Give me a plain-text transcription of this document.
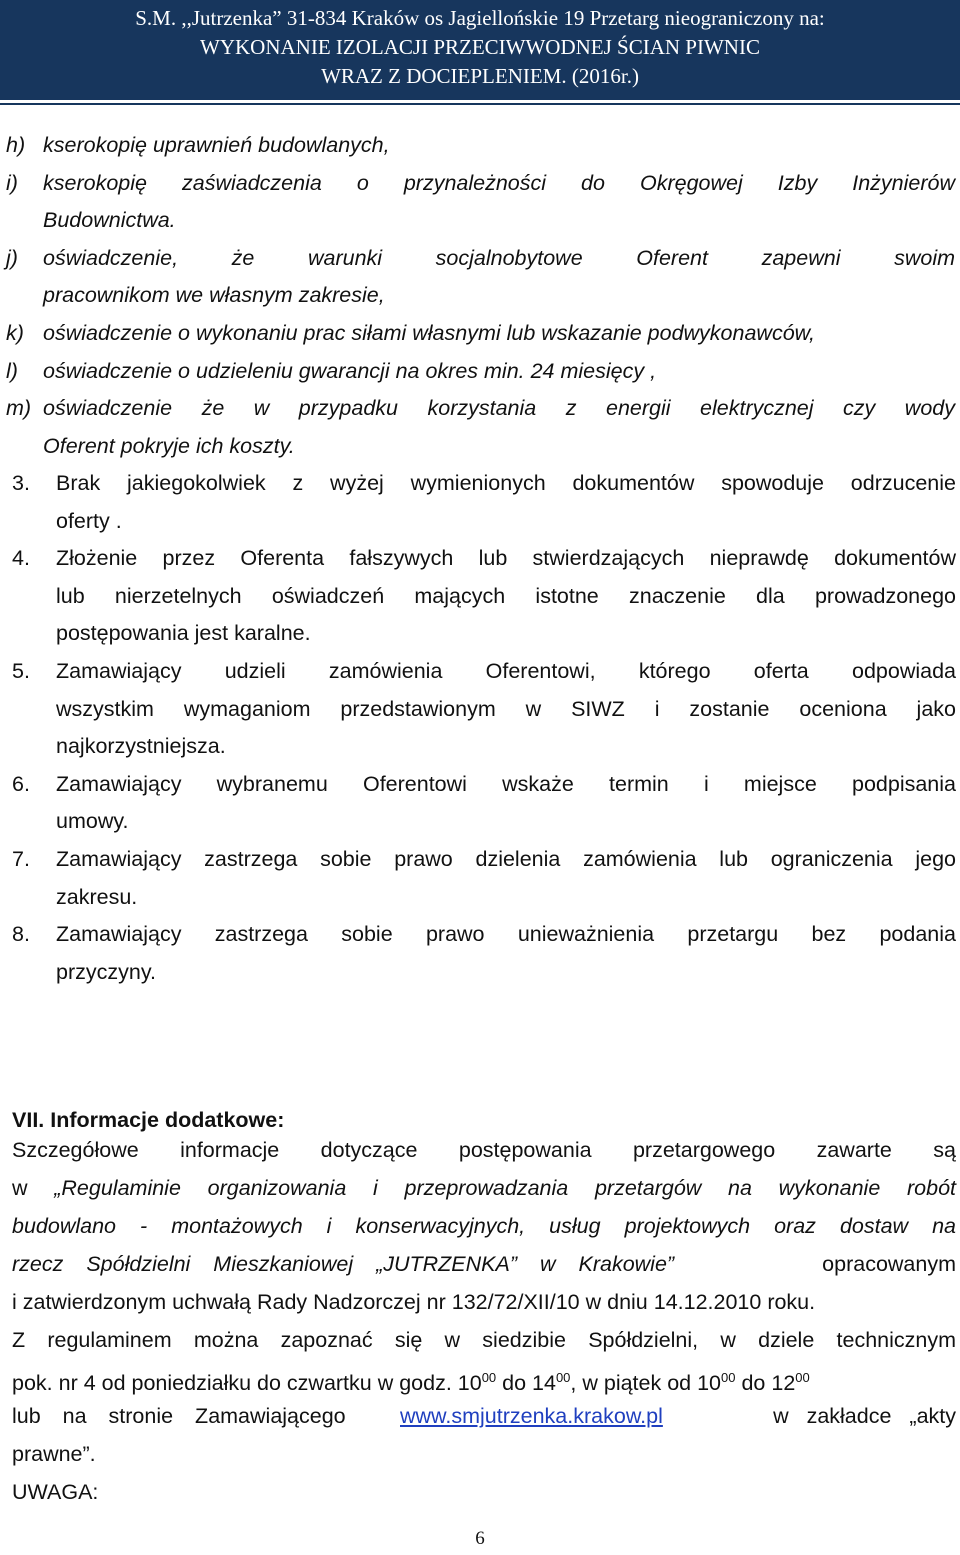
S.M. ,,Jutrzenka” 31-834 Kraków os Jagiellońskie 19 Przetarg nieograniczony na:
WYKONANIE IZOLACJI PRZECIWWODNEJ ŚCIAN PIWNIC
WRAZ Z DOCIEPLENIEM. (2016r.)
h) kserokopię uprawnień budowlanych,
i) kserokopię zaświadczenia o przynależności do Okręgowej Izby Inżynierów
Budownictwa.
j) oświadczenie, że warunki socjalnobytowe Oferent zapewni swoim
pracownikom we własnym zakresie,
k) oświadczenie o wykonaniu prac siłami własnymi lub wskazanie podwykonawców,
l) oświadczenie o udzieleniu gwarancji na okres min. 24 miesięcy ,
m) oświadczenie że w przypadku korzystania z energii elektrycznej czy wody
Oferent pokryje ich koszty.
3. Brak jakiegokolwiek z wyżej wymienionych dokumentów spowoduje odrzucenie
oferty .
4. Złożenie przez Oferenta fałszywych lub stwierdzających nieprawdę dokumentów
lub nierzetelnych oświadczeń mających istotne znaczenie dla prowadzonego
postępowania jest karalne.
5. Zamawiający udzieli zamówienia Oferentowi, którego oferta odpowiada
wszystkim wymaganiom przedstawionym w SIWZ i zostanie oceniona jako
najkorzystniejsza.
6. Zamawiający wybranemu Oferentowi wskaże termin i miejsce podpisania
umowy.
7. Zamawiający zastrzega sobie prawo dzielenia zamówienia lub ograniczenia jego
zakresu.
8. Zamawiający zastrzega sobie prawo unieważnienia przetargu bez podania
przyczyny.
VII. Informacje dodatkowe:
Szczegółowe informacje dotyczące postępowania przetargowego zawarte są
w „Regulaminie organizowania i przeprowadzania przetargów na wykonanie robót
budowlano - montażowych i konserwacyjnych, usług projektowych oraz dostaw na
rzecz Spółdzielni Mieszkaniowej „JUTRZENKA” w Krakowie”	opracowanym
i zatwierdzonym uchwałą Rady Nadzorczej nr 132/72/XII/10 w dniu 14.12.2010 roku.
Z regulaminem można zapoznać się w siedzibie Spółdzielni, w dziele technicznym
pok. nr 4 od poniedziałku do czwartku w godz. $10^{00}$ do $14^{00}$, w piątek od $10^{00}$ do $12^{00}$
lub na stronie Zamawiającego	www.smjutrzenka.krakow.pl	w zakładce „akty
prawne”.
UWAGA:
6
